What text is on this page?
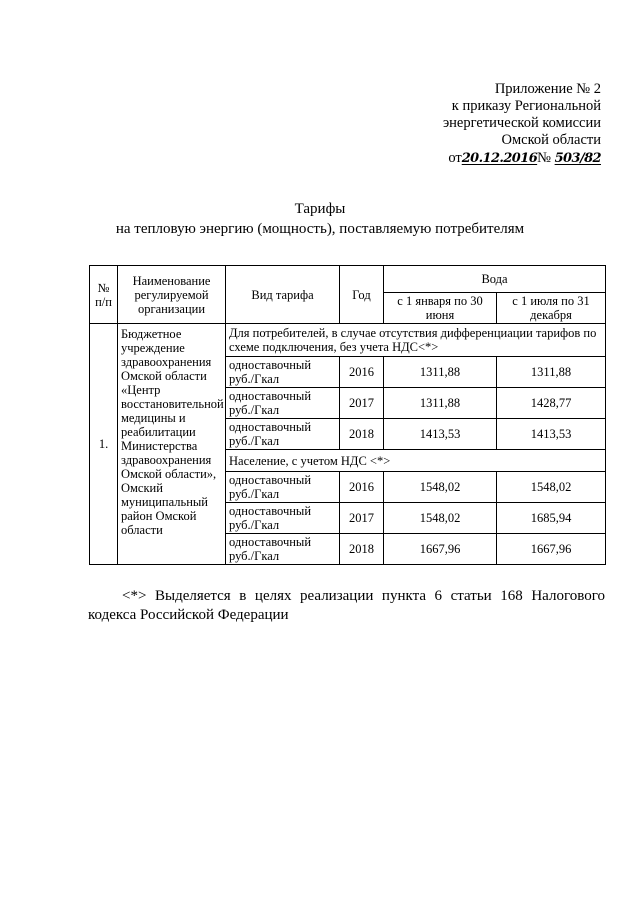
Приложение № 2
к приказу Региональной
энергетической комиссии
Омской области
от20.12.2016№ 503/82
Тарифы
на тепловую энергию (мощность), поставляемую потребителям
№ п/п	Наименование регулируемой организации	Вид тарифа	Год	Вода	
				с 1 января по 30 июня	с 1 июля по 31 декабря
1.	Бюджетное учреждение здравоохранения Омской области «Центр восстановительной медицины и реабилитации Министерства здравоохранения Омской области», Омский муниципальный район Омской области	Для потребителей, в случае отсутствия дифференциации тарифов по схеме подключения, без учета НДС<*>			
		одноставочный руб./Гкал	2016	1311,88	1311,88
		одноставочный руб./Гкал	2017	1311,88	1428,77
		одноставочный руб./Гкал	2018	1413,53	1413,53
		Население, с учетом НДС <*>			
		одноставочный руб./Гкал	2016	1548,02	1548,02
		одноставочный руб./Гкал	2017	1548,02	1685,94
		одноставочный руб./Гкал	2018	1667,96	1667,96
<*> Выделяется в целях реализации пункта 6 статьи 168 Налогового кодекса Российской Федерации
